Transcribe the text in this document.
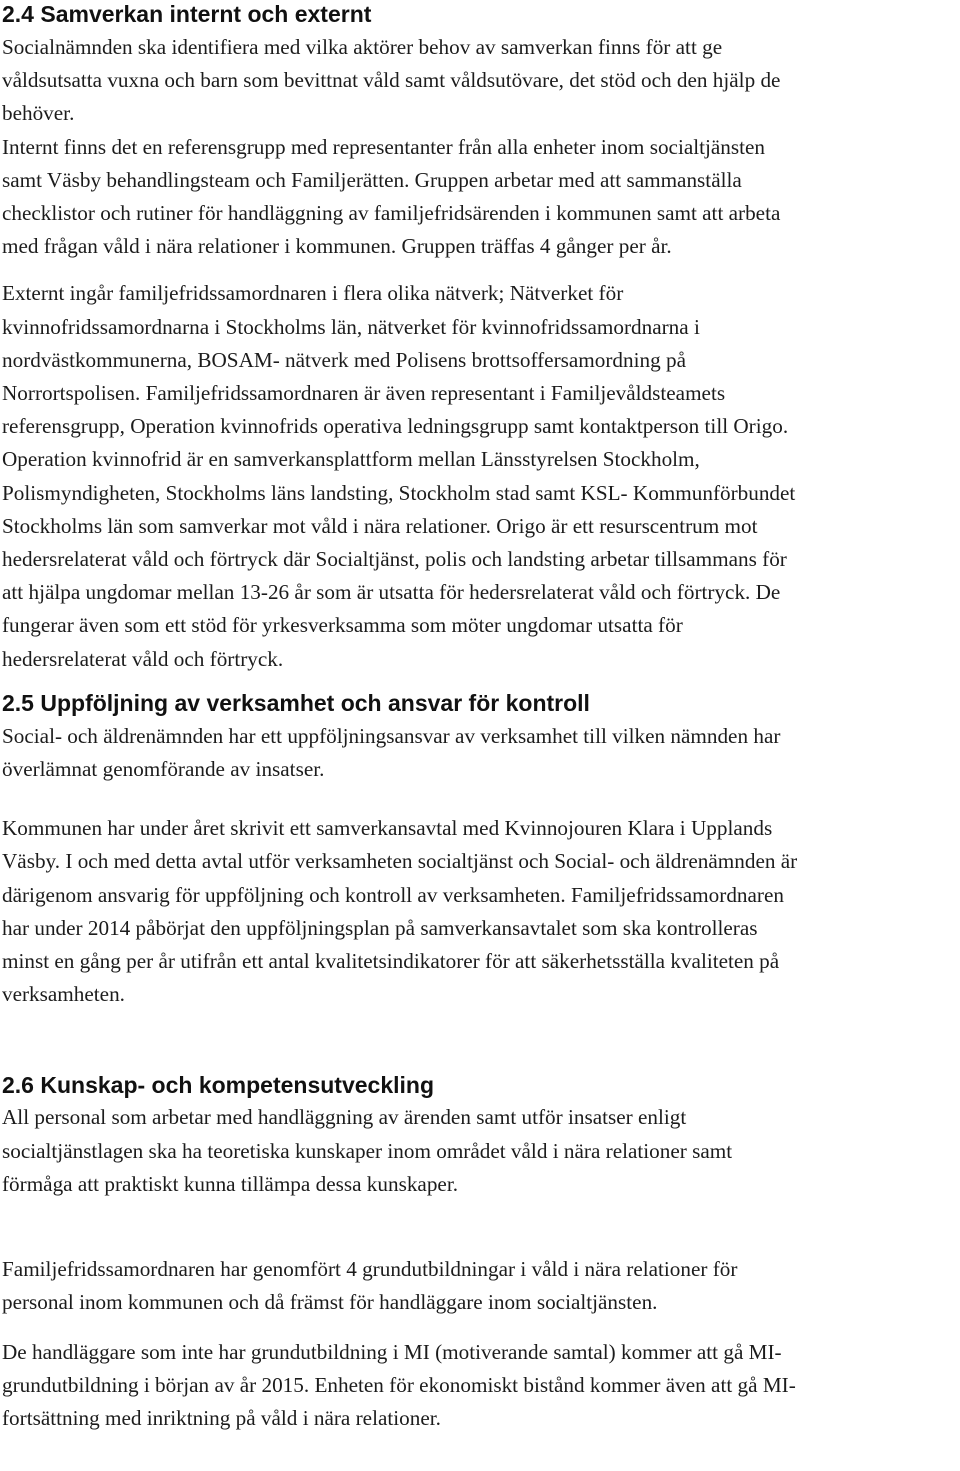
2.4 Samverkan internt och externt

Socialnämnden ska identifiera med vilka aktörer behov av samverkan finns för att ge
våldsutsatta vuxna och barn som bevittnat våld samt våldsutövare, det stöd och den hjälp de
behöver.

Internt finns det en referensgrupp med representanter från alla enheter inom socialtjänsten
samt Väsby behandlingsteam och Familjerätten. Gruppen arbetar med att sammanställa
checklistor och rutiner för handläggning av familjefridsärenden i kommunen samt att arbeta
med frågan våld i nära relationer i kommunen. Gruppen träffas 4 gånger per år.

Externt ingår familjefridssamordnaren i flera olika nätverk; Nätverket för
kvinnofridssamordnarna i Stockholms län, nätverket för kvinnofridssamordnarna i
nordvästkommunerna, BOSAM- nätverk med Polisens brottsoffersamordning på
Norrortspolisen. Familjefridssamordnaren är även representant i Familjevåldsteamets
referensgrupp, Operation kvinnofrids operativa ledningsgrupp samt kontaktperson till Origo.
Operation kvinnofrid är en samverkansplattform mellan Länsstyrelsen Stockholm,
Polismyndigheten, Stockholms läns landsting, Stockholm stad samt KSL- Kommunförbundet
Stockholms län som samverkar mot våld i nära relationer. Origo är ett resurscentrum mot
hedersrelaterat våld och förtryck där Socialtjänst, polis och landsting arbetar tillsammans för
att hjälpa ungdomar mellan 13-26 år som är utsatta för hedersrelaterat våld och förtryck. De
fungerar även som ett stöd för yrkesverksamma som möter ungdomar utsatta för
hedersrelaterat våld och förtryck.

2.5 Uppföljning av verksamhet och ansvar för kontroll

Social- och äldrenämnden har ett uppföljningsansvar av verksamhet till vilken nämnden har
överlämnat genomförande av insatser.

Kommunen har under året skrivit ett samverkansavtal med Kvinnojouren Klara i Upplands
Väsby. I och med detta avtal utför verksamheten socialtjänst och Social- och äldrenämnden är
därigenom ansvarig för uppföljning och kontroll av verksamheten. Familjefridssamordnaren
har under 2014 påbörjat den uppföljningsplan på samverkansavtalet som ska kontrolleras
minst en gång per år utifrån ett antal kvalitetsindikatorer för att säkerhetsställa kvaliteten på
verksamheten.

2.6 Kunskap- och kompetensutveckling

All personal som arbetar med handläggning av ärenden samt utför insatser enligt
socialtjänstlagen ska ha teoretiska kunskaper inom området våld i nära relationer samt
förmåga att praktiskt kunna tillämpa dessa kunskaper.

Familjefridssamordnaren har genomfört 4 grundutbildningar i våld i nära relationer för
personal inom kommunen och då främst för handläggare inom socialtjänsten.

De handläggare som inte har grundutbildning i MI (motiverande samtal) kommer att gå MI-
grundutbildning i början av år 2015. Enheten för ekonomiskt bistånd kommer även att gå MI-
fortsättning med inriktning på våld i nära relationer.
